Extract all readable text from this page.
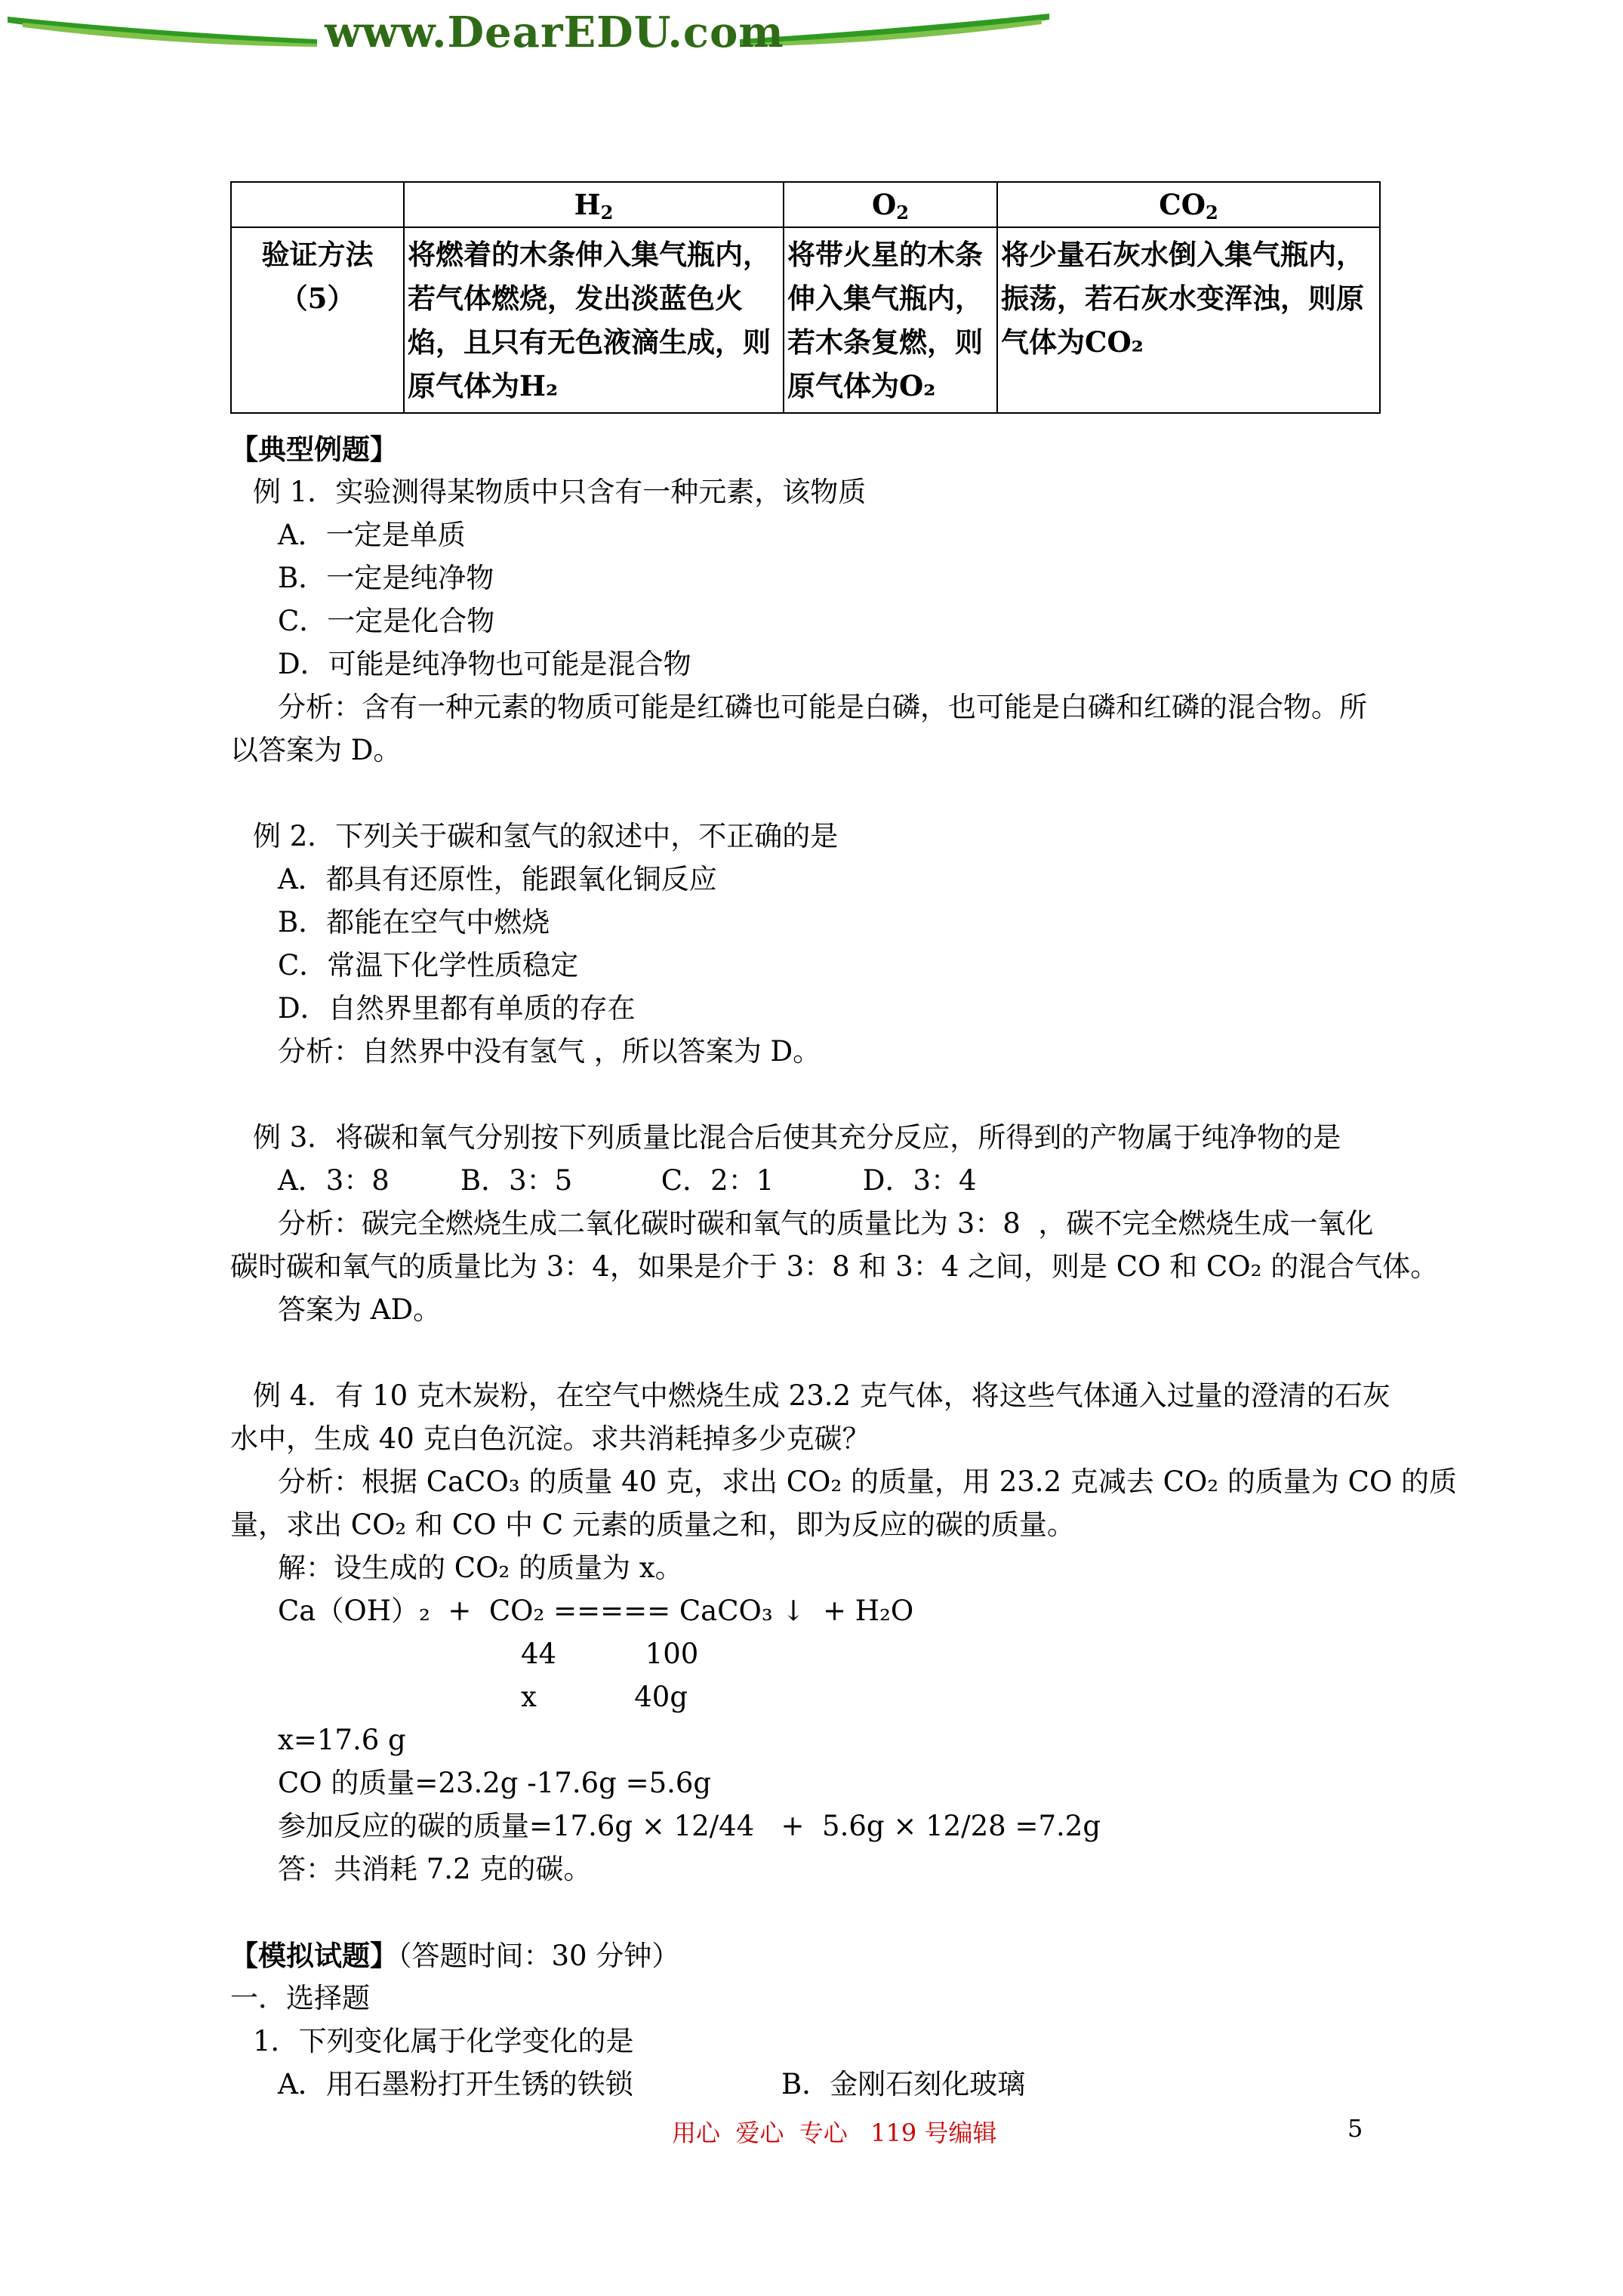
www.DearEDU.com
	$H_2$	$O_2$	$CO_2$

验证方法
（5）	将燃着的木条伸入集气瓶内，若气体燃烧，发出淡蓝色火焰，且只有无色液滴生成，则原气体为H₂	将带火星的木条伸入集气瓶内，若木条复燃，则原气体为O₂	将少量石灰水倒入集气瓶内，振荡，若石灰水变浑浊，则原气体为CO₂
【典型例题】
例 1．实验测得某物质中只含有一种元素，该物质
A．一定是单质
B．一定是纯净物
C．一定是化合物
D．可能是纯净物也可能是混合物
分析：含有一种元素的物质可能是红磷也可能是白磷，也可能是白磷和红磷的混合物。所
以答案为 D。
例 2．下列关于碳和氢气的叙述中，不正确的是
A．都具有还原性，能跟氧化铜反应
B．都能在空气中燃烧
C．常温下化学性质稳定
D．自然界里都有单质的存在
分析：自然界中没有氢气 ，所以答案为 D。
例 3．将碳和氧气分别按下列质量比混合后使其充分反应，所得到的产物属于纯净物的是
A．3：8        B．3：5          C．2：1          D．3：4
分析：碳完全燃烧生成二氧化碳时碳和氧气的质量比为 3：8  ，碳不完全燃烧生成一氧化
碳时碳和氧气的质量比为 3：4，如果是介于 3：8 和 3：4 之间，则是 CO 和 CO₂ 的混合气体。
答案为 AD。
例 4．有 10 克木炭粉，在空气中燃烧生成 23.2 克气体，将这些气体通入过量的澄清的石灰
水中，生成 40 克白色沉淀。求共消耗掉多少克碳？
分析：根据 CaCO₃ 的质量 40 克，求出 CO₂ 的质量，用 23.2 克减去 CO₂ 的质量为 CO 的质
量，求出 CO₂ 和 CO 中 C 元素的质量之和，即为反应的碳的质量。
解：设生成的 CO₂ 的质量为 x。
Ca（OH）₂  +  CO₂ ===== CaCO₃ ↓  + H₂O
44          100
x           40g
x=17.6 g
CO 的质量=23.2g -17.6g =5.6g
参加反应的碳的质量=17.6g × 12/44   +  5.6g × 12/28 =7.2g
答：共消耗 7.2 克的碳。
【模拟试题】（答题时间：30 分钟）
一．选择题
1．下列变化属于化学变化的是
A．用石墨粉打开生锈的铁锁	B．金刚石刻化玻璃
用心  爱心  专心   119 号编辑	5
